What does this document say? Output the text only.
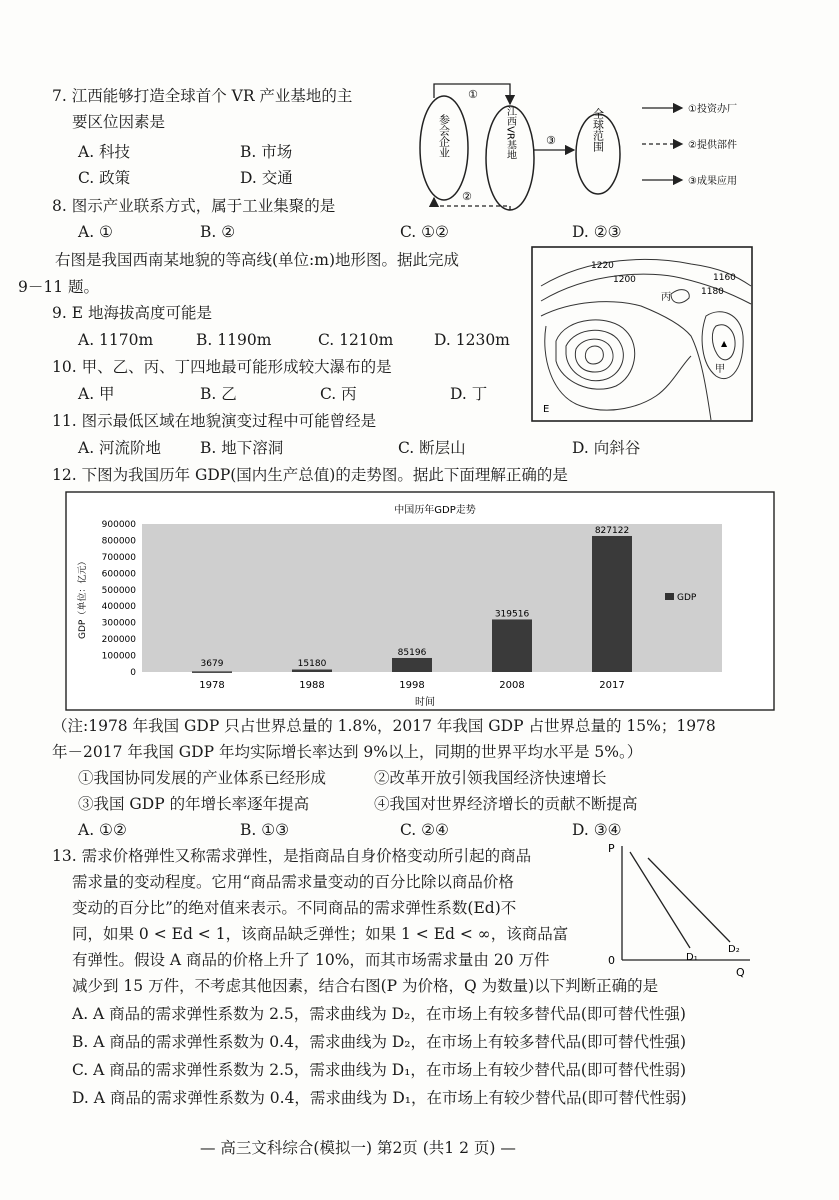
7. 江西能够打造全球首个 VR 产业基地的主
要区位因素是
A. 科技	B. 市场
C. 政策	D. 交通
参会企业	江西VR基地	全球范围
①
②
③
①投资办厂
②提供部件
③成果应用
8. 图示产业联系方式，属于工业集聚的是
A. ①	B. ②	C. ①②	D. ②③
右图是我国西南某地貌的等高线(单位:m)地形图。据此完成
9－11 题。
1220
1200	1160
1180
丙
甲
E
▲
9. E 地海拔高度可能是
A. 1170m	B. 1190m	C. 1210m	D. 1230m
10. 甲、乙、丙、丁四地最可能形成较大瀑布的是
A. 甲	B. 乙	C. 丙	D. 丁
11. 图示最低区域在地貌演变过程中可能曾经是
A. 河流阶地	B. 地下溶洞	C. 断层山	D. 向斜谷
12. 下图为我国历年 GDP(国内生产总值)的走势图。据此下面理解正确的是
中国历年GDP走势
GDP（单位：亿元）
时间
GDP
900000
800000
700000
600000
500000
400000
300000
200000
100000
0
3679
1978
15180
1988
85196
1998
319516
2008
827122
2017
（注:1978 年我国 GDP 只占世界总量的 1.8%，2017 年我国 GDP 占世界总量的 15%；1978
年－2017 年我国 GDP 年均实际增长率达到 9%以上，同期的世界平均水平是 5%。）
①我国协同发展的产业体系已经形成	②改革开放引领我国经济快速增长
③我国 GDP 的年增长率逐年提高	④我国对世界经济增长的贡献不断提高
A. ①②	B. ①③	C. ②④	D. ③④
13. 需求价格弹性又称需求弹性，是指商品自身价格变动所引起的商品
需求量的变动程度。它用“商品需求量变动的百分比除以商品价格
变动的百分比”的绝对值来表示。不同商品的需求弹性系数(Ed)不
同，如果 0 < Ed < 1，该商品缺乏弹性；如果 1 < Ed < ∞，该商品富
有弹性。假设 A 商品的价格上升了 10%，而其市场需求量由 20 万件
减少到 15 万件，不考虑其他因素，结合右图(P 为价格，Q 为数量)以下判断正确的是
A. A 商品的需求弹性系数为 2.5，需求曲线为 D₂，在市场上有较多替代品(即可替代性强)
B. A 商品的需求弹性系数为 0.4，需求曲线为 D₂，在市场上有较多替代品(即可替代性强)
C. A 商品的需求弹性系数为 2.5，需求曲线为 D₁，在市场上有较少替代品(即可替代性弱)
D. A 商品的需求弹性系数为 0.4，需求曲线为 D₁，在市场上有较少替代品(即可替代性弱)
P
Q
0	D₁
D₂
— 高三文科综合(模拟一) 第2页 (共1 2 页) —
